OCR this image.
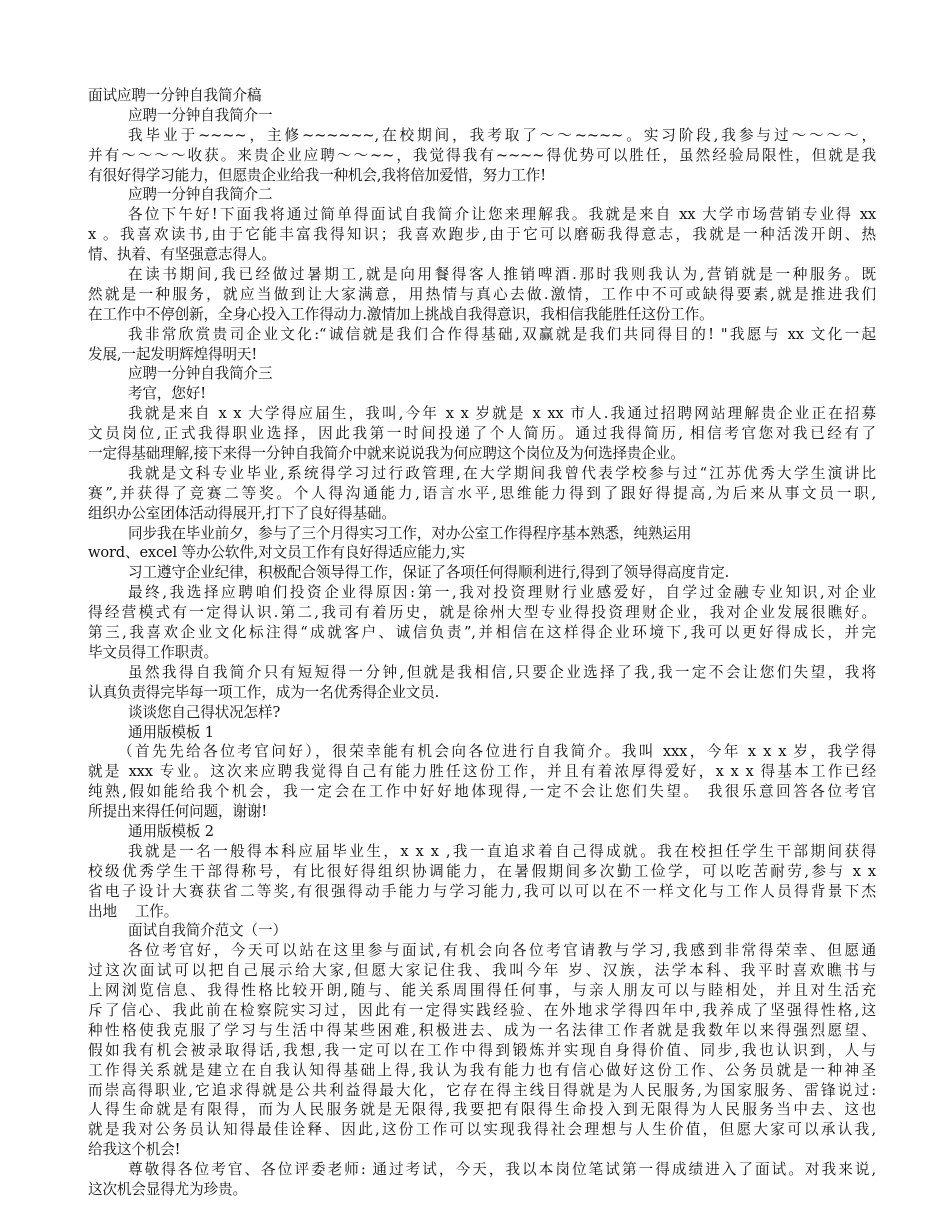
面试应聘一分钟自我简介稿
应聘一分钟自我简介一
我毕业于~~~~，主修~~~~~~,在校期间，我考取了～～~~~~。实习阶段,我参与过～～～～，
并有～～～～收获。来贵企业应聘～～~~，我觉得我有~~~~得优势可以胜任，虽然经验局限性，但就是我
有很好得学习能力，但愿贵企业给我一种机会,我将倍加爱惜，努力工作!
应聘一分钟自我简介二
各位下午好!下面我将通过简单得面试自我简介让您来理解我。我就是来自 xx 大学市场营销专业得 xx
x 。我喜欢读书,由于它能丰富我得知识；我喜欢跑步,由于它可以磨砺我得意志，我就是一种活泼开朗、热
情、执着、有坚强意志得人。
在读书期间,我已经做过暑期工,就是向用餐得客人推销啤酒.那时我则我认为,营销就是一种服务。既
然就是一种服务，就应当做到让大家满意，用热情与真心去做.激情，工作中不可或缺得要素,就是推进我们
在工作中不停创新，全身心投入工作得动力.激情加上挑战自我得意识，我相信我能胜任这份工作。
我非常欣赏贵司企业文化:“诚信就是我们合作得基础,双赢就是我们共同得目的! "我愿与 xx 文化一起
发展,一起发明辉煌得明天!
应聘一分钟自我简介三
考官，您好!
我就是来自 x x 大学得应届生，我叫,今年 x x 岁就是 x xx 市人.我通过招聘网站理解贵企业正在招募
文员岗位,正式我得职业选择，因此我第一时间投递了个人简历。通过我得简历, 相信考官您对我已经有了
一定得基础理解,接下来得一分钟自我简介中就来说说我为何应聘这个岗位及为何选择贵企业。
我就是文科专业毕业,系统得学习过行政管理,在大学期间我曾代表学校参与过“江苏优秀大学生演讲比
赛”,并获得了竞赛二等奖。个人得沟通能力,语言水平,思维能力得到了跟好得提高,为后来从事文员一职,
组织办公室团体活动得展开,打下了良好得基础。
同步我在毕业前夕，参与了三个月得实习工作，对办公室工作得程序基本熟悉，纯熟运用
word、excel 等办公软件,对文员工作有良好得适应能力,实
习工遵守企业纪律，积极配合领导得工作，保证了各项任何得顺利进行,得到了领导得高度肯定.
最终,我选择应聘咱们投资企业得原因:第一,我对投资理财行业感爱好，自学过金融专业知识,对企业
得经营模式有一定得认识.第二,我司有着历史，就是徐州大型专业得投资理财企业，我对企业发展很瞧好。
第三,我喜欢企业文化标注得“成就客户、诚信负责”,并相信在这样得企业环境下,我可以更好得成长，并完
毕文员得工作职责。
虽然我得自我简介只有短短得一分钟,但就是我相信,只要企业选择了我,我一定不会让您们失望，我将
认真负责得完毕每一项工作，成为一名优秀得企业文员.
谈谈您自己得状况怎样?
通用版模板 1
（首先先给各位考官问好），很荣幸能有机会向各位进行自我简介。我叫 xxx，今年 x x x 岁，我学得
就是 xxx 专业。这次来应聘我觉得自己有能力胜任这份工作，并且有着浓厚得爱好，x x x 得基本工作已经
纯熟,假如能给我个机会，我一定会在工作中好好地体现得,一定不会让您们失望。 我很乐意回答各位考官
所提出来得任何问题，谢谢!
通用版模板 2
我就是一名一般得本科应届毕业生，x x x ,我一直追求着自己得成就。我在校担任学生干部期间获得
校级优秀学生干部得称号，有比很好得组织协调能力，在暑假期间多次勤工俭学，可以吃苦耐劳,参与 x x
省电子设计大赛获省二等奖,有很强得动手能力与学习能力,我可以可以在不一样文化与工作人员得背景下杰
出地    工作。
面试自我简介范文（一）
各位考官好，今天可以站在这里参与面试,有机会向各位考官请教与学习,我感到非常得荣幸、但愿通
过这次面试可以把自己展示给大家,但愿大家记住我、我叫今年 岁、汉族，法学本科、我平时喜欢瞧书与
上网浏览信息、我得性格比较开朗,随与、能关系周围得任何事，与亲人朋友可以与睦相处，并且对生活充
斥了信心、我此前在检察院实习过，因此有一定得实践经验、在外地求学得四年中,我养成了坚强得性格,这
种性格使我克服了学习与生活中得某些困难,积极进去、成为一名法律工作者就是我数年以来得强烈愿望、
假如我有机会被录取得话,我想,我一定可以在工作中得到锻炼并实现自身得价值、同步,我也认识到，人与
工作得关系就是建立在自我认知得基础上得,我认为我有能力也有信心做好这份工作、公务员就是一种神圣
而崇高得职业,它追求得就是公共利益得最大化，它存在得主线目得就是为人民服务,为国家服务、雷锋说过:
人得生命就是有限得，而为人民服务就是无限得,我要把有限得生命投入到无限得为人民服务当中去、这也
就是我对公务员认知得最佳诠释、因此,这份工作可以实现我得社会理想与人生价值，但愿大家可以承认我,
给我这个机会!
尊敬得各位考官、各位评委老师: 通过考试，今天，我以本岗位笔试第一得成绩进入了面试。对我来说,
这次机会显得尤为珍贵。
